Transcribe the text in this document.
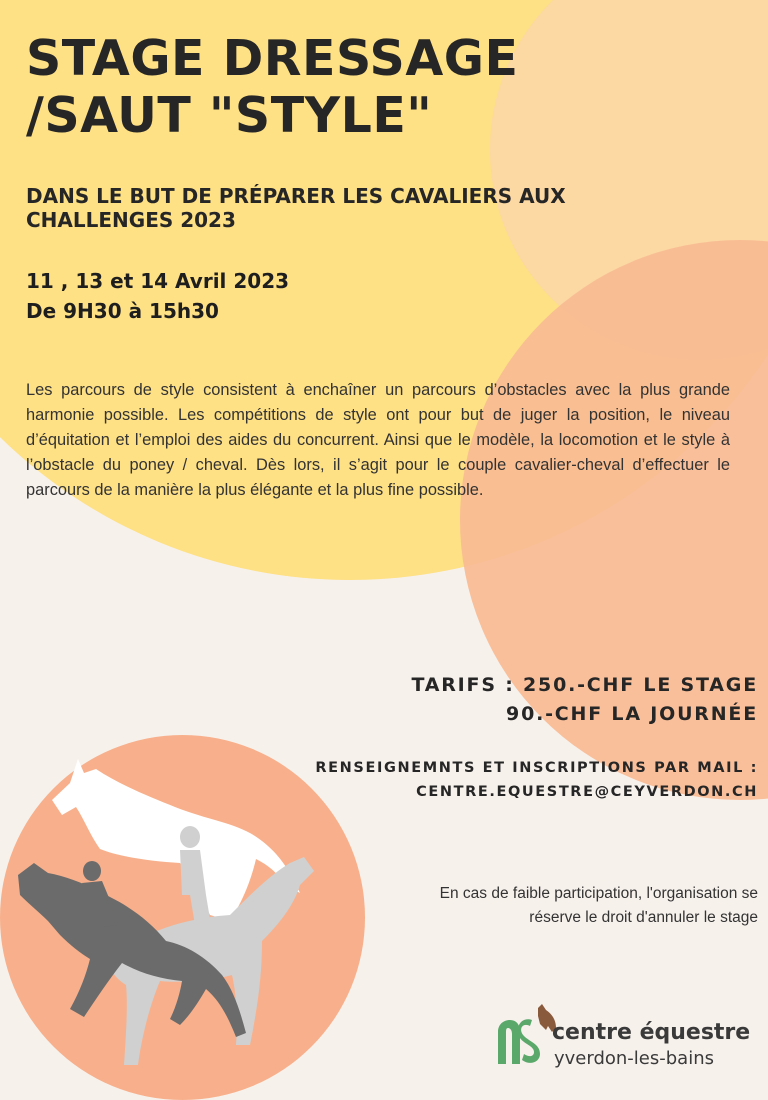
STAGE DRESSAGE
/SAUT "STYLE"
DANS LE BUT DE PRÉPARER LES CAVALIERS AUX CHALLENGES 2023
11 , 13 et 14 Avril 2023
De 9H30 à 15h30

Les parcours de style consistent à enchaîner un parcours d’obstacles avec la plus grande harmonie possible. Les compétitions de style ont pour but de juger la position, le niveau d’équitation et l’emploi des aides du concurrent. Ainsi que le modèle, la locomotion et le style à l’obstacle du poney / cheval. Dès lors, il s’agit pour le couple cavalier-cheval d’effectuer le parcours de la manière la plus élégante et la plus fine possible.

TARIFS : 250.-CHF LE STAGE
90.-CHF LA JOURNÉE
RENSEIGNEMNTS ET INSCRIPTIONS PAR MAIL :
CENTRE.EQUESTRE@CEYVERDON.CH
En cas de faible participation, l'organisation se
réserve le droit d'annuler le stage
centre équestre
yverdon-les-bains
